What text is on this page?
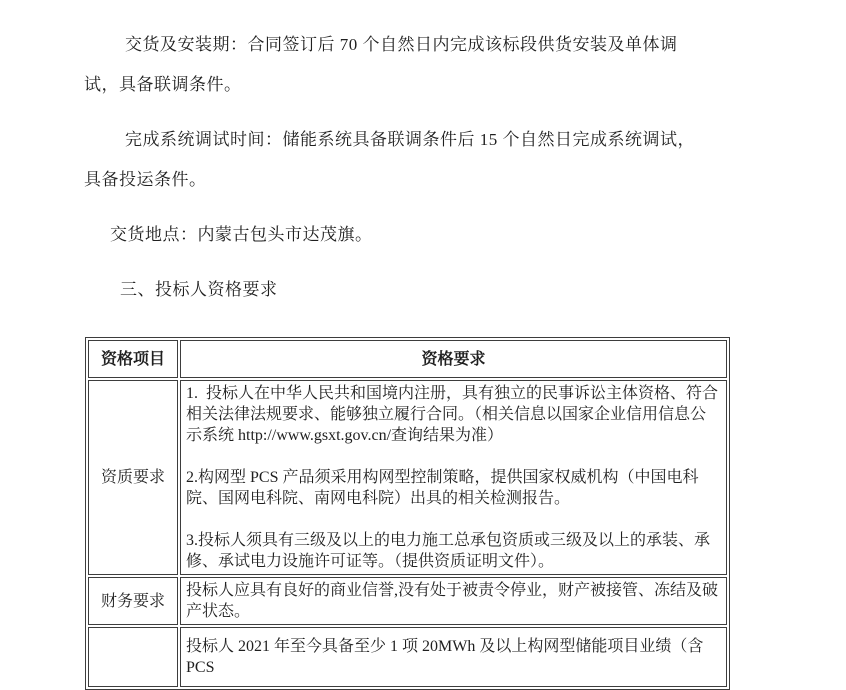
交货及安装期：合同签订后 70 个自然日内完成该标段供货安装及单体调试，具备联调条件。

完成系统调试时间：储能系统具备联调条件后 15 个自然日完成系统调试，具备投运条件。

交货地点：内蒙古包头市达茂旗。

三、投标人资格要求
资格项目	资格要求
资质要求	1.  投标人在中华人民共和国境内注册，具有独立的民事诉讼主体资格、符合相关法律法规要求、能够独立履行合同。（相关信息以国家企业信用信息公示系统 http://www.gsxt.gov.cn/查询结果为准）

2.构网型 PCS 产品须采用构网型控制策略，提供国家权威机构（中国电科院、国网电科院、南网电科院）出具的相关检测报告。

3.投标人须具有三级及以上的电力施工总承包资质或三级及以上的承装、承修、承试电力设施许可证等。（提供资质证明文件）。

财务要求	投标人应具有良好的商业信誉,没有处于被责令停业，财产被接管、冻结及破产状态。

	投标人 2021 年至今具备至少 1 项 20MWh 及以上构网型储能项目业绩（含 PCS
